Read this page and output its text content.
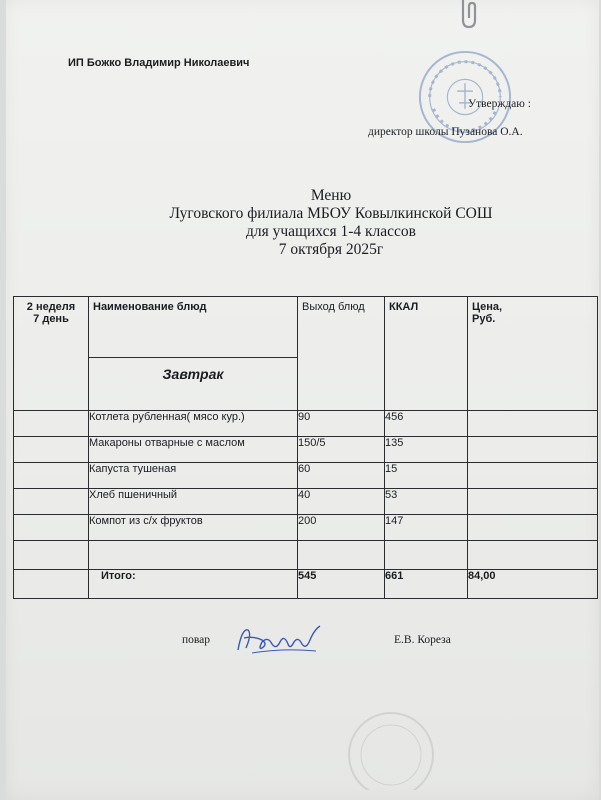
ИП Божко Владимир Николаевич
Утверждаю :
директор школы Пузанова О.А.
Меню
Луговского филиала МБОУ Ковылкинской СОШ
для учащихся 1-4 классов
7 октября 2025г
2 неделя
7 день	Наименование блюд	Выход блюд	ККАЛ	Цена,
Руб.

	Завтрак			

	Котлета рубленная( мясо кур.)	90	456	
	Макароны отварные с маслом	150/5	135	
	Капуста тушеная	60	15	
	Хлеб пшеничный	40	53	
	Компот из с/х фруктов	200	147	

	Итого:	545	661	84,00
повар	Е.В. Кореза
